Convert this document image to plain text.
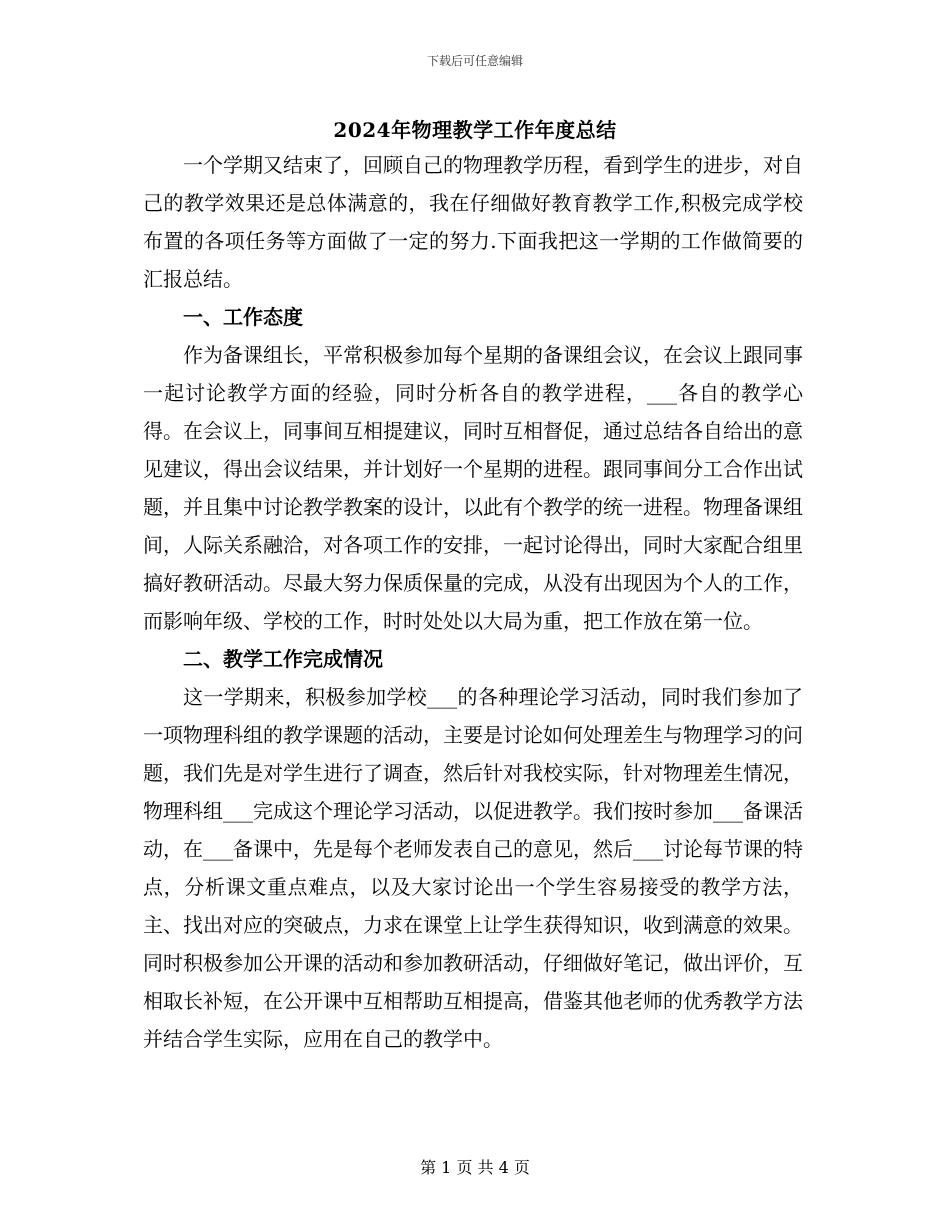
下载后可任意编辑
2024年物理教学工作年度总结

一个学期又结束了，回顾自己的物理教学历程，看到学生的进步，对自己的教学效果还是总体满意的，我在仔细做好教育教学工作,积极完成学校布置的各项任务等方面做了一定的努力.下面我把这一学期的工作做简要的汇报总结。

一、工作态度

作为备课组长，平常积极参加每个星期的备课组会议，在会议上跟同事一起讨论教学方面的经验，同时分析各自的教学进程，___各自的教学心得。在会议上，同事间互相提建议，同时互相督促，通过总结各自给出的意见建议，得出会议结果，并计划好一个星期的进程。跟同事间分工合作出试题，并且集中讨论教学教案的设计，以此有个教学的统一进程。物理备课组间，人际关系融洽，对各项工作的安排，一起讨论得出，同时大家配合组里搞好教研活动。尽最大努力保质保量的完成，从没有出现因为个人的工作，而影响年级、学校的工作，时时处处以大局为重，把工作放在第一位。

二、教学工作完成情况

这一学期来，积极参加学校___的各种理论学习活动，同时我们参加了一项物理科组的教学课题的活动，主要是讨论如何处理差生与物理学习的问题，我们先是对学生进行了调查，然后针对我校实际，针对物理差生情况，物理科组___完成这个理论学习活动，以促进教学。我们按时参加___备课活动，在___备课中，先是每个老师发表自己的意见，然后___讨论每节课的特点，分析课文重点难点，以及大家讨论出一个学生容易接受的教学方法，主、找出对应的突破点，力求在课堂上让学生获得知识，收到满意的效果。同时积极参加公开课的活动和参加教研活动，仔细做好笔记，做出评价，互相取长补短，在公开课中互相帮助互相提高，借鉴其他老师的优秀教学方法并结合学生实际，应用在自己的教学中。

第 1 页 共 4 页
